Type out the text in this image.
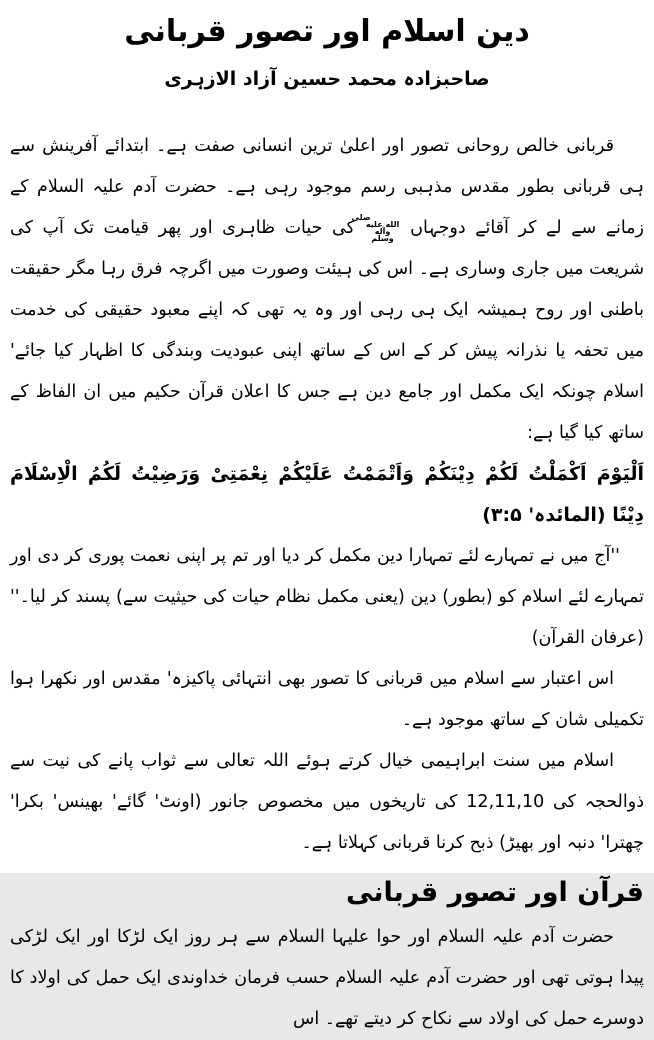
دین اسلام اور تصور قربانی
صاحبزادہ محمد حسین آزاد الازہری

قربانی خالص روحانی تصور اور اعلیٰ ترین انسانی صفت ہے۔ ابتدائے آفرینش سے ہی قربانی بطور مقدس مذہبی رسم موجود رہی ہے۔ حضرت آدم علیہ السلام کے زمانے سے لے کر آقائے دوجہاں صلى الله عليه وآله وسلم کی حیات ظاہری اور پھر قیامت تک آپ کی شریعت میں جاری وساری ہے۔ اس کی ہیئت وصورت میں اگرچہ فرق رہا مگر حقیقت باطنی اور روح ہمیشہ ایک ہی رہی اور وہ یہ تھی کہ اپنے معبود حقیقی کی خدمت میں تحفہ یا نذرانہ پیش کر کے اس کے ساتھ اپنی عبودیت وبندگی کا اظہار کیا جائے' اسلام چونکہ ایک مکمل اور جامع دین ہے جس کا اعلان قرآن حکیم میں ان الفاظ کے ساتھ کیا گیا ہے:

اَلْیَوْمَ اَکْمَلْتُ لَکُمْ دِیْنَکُمْ وَاَتْمَمْتُ عَلَیْکُمْ نِعْمَتِیْ وَرَضِیْتُ لَکُمُ الْاِسْلَامَ دِیْنًا (المائدہ' ۳:۵)

''آج میں نے تمہارے لئے تمہارا دین مکمل کر دیا اور تم پر اپنی نعمت پوری کر دی اور تمہارے لئے اسلام کو (بطور) دین (یعنی مکمل نظام حیات کی حیثیت سے) پسند کر لیا۔'' (عرفان القرآن)

اس اعتبار سے اسلام میں قربانی کا تصور بھی انتہائی پاکیزہ' مقدس اور نکھرا ہوا تکمیلی شان کے ساتھ موجود ہے۔

اسلام میں سنت ابراہیمی خیال کرتے ہوئے اللہ تعالی سے ثواب پانے کی نیت سے ذوالحجہ کی 12,11,10 کی تاریخوں میں مخصوص جانور (اونٹ' گائے' بھینس' بکرا' چھترا' دنبہ اور بھیڑ) ذبح کرنا قربانی کہلاتا ہے۔

قرآن اور تصور قربانی

حضرت آدم علیہ السلام اور حوا علیہا السلام سے ہر روز ایک لڑکا اور ایک لڑکی پیدا ہوتی تھی اور حضرت آدم علیہ السلام حسب فرمان خداوندی ایک حمل کی اولاد کا دوسرے حمل کی اولاد سے نکاح کر دیتے تھے۔ اس
